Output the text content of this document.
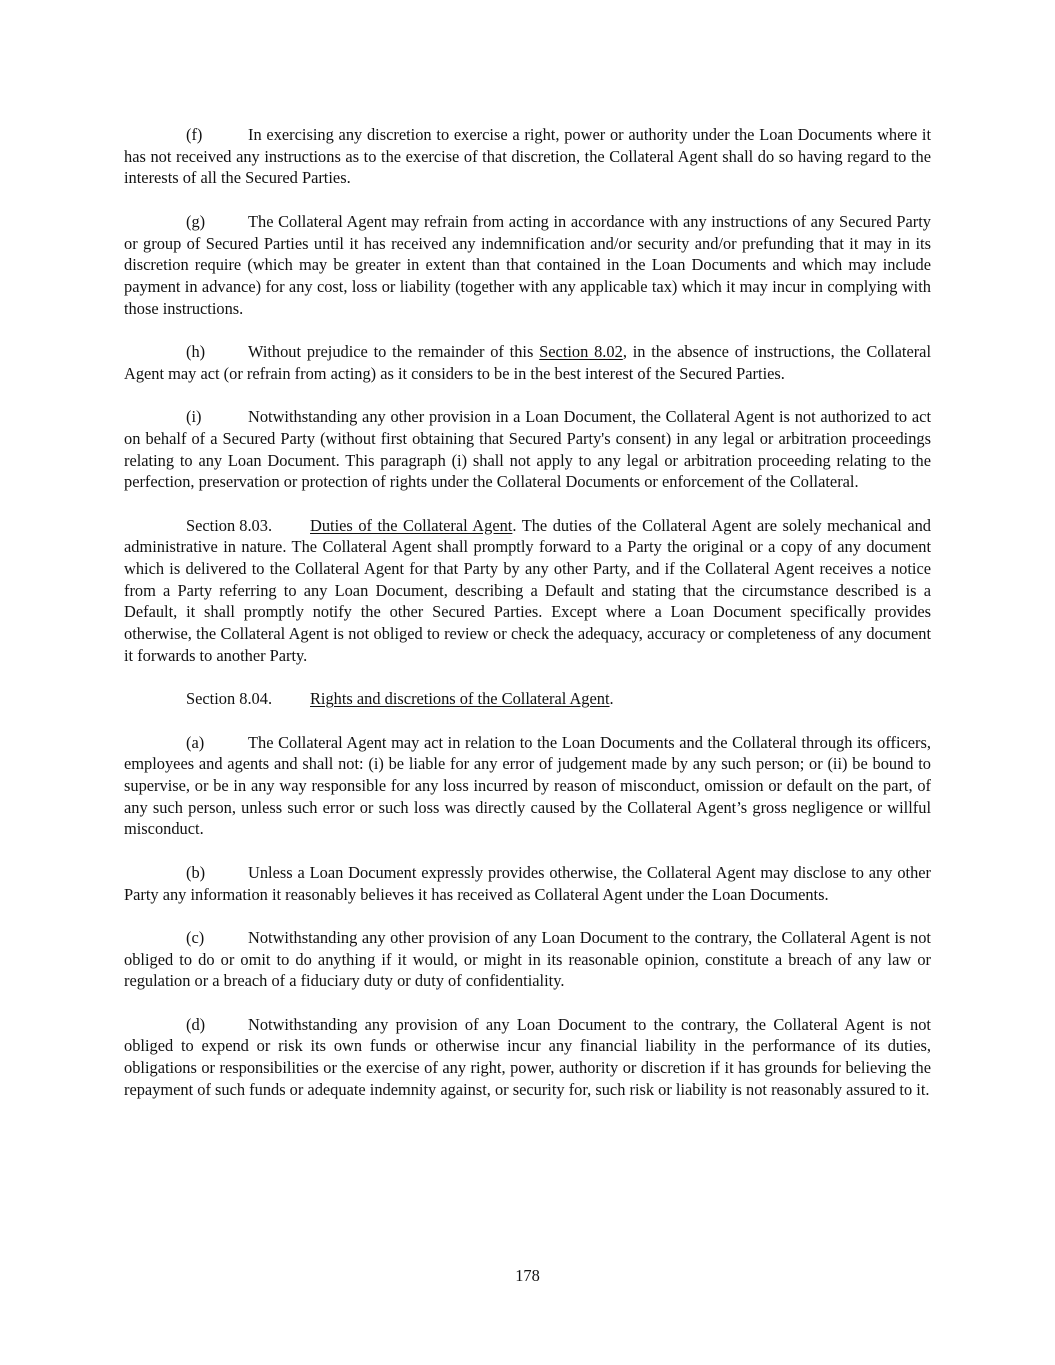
(f)	In exercising any discretion to exercise a right, power or authority under the Loan Documents where it has not received any instructions as to the exercise of that discretion, the Collateral Agent shall do so having regard to the interests of all the Secured Parties.

(g)	The Collateral Agent may refrain from acting in accordance with any instructions of any Secured Party or group of Secured Parties until it has received any indemnification and/or security and/or prefunding that it may in its discretion require (which may be greater in extent than that contained in the Loan Documents and which may include payment in advance) for any cost, loss or liability (together with any applicable tax) which it may incur in complying with those instructions.

(h)	Without prejudice to the remainder of this Section 8.02, in the absence of instructions, the Collateral Agent may act (or refrain from acting) as it considers to be in the best interest of the Secured Parties.

(i)	Notwithstanding any other provision in a Loan Document, the Collateral Agent is not authorized to act on behalf of a Secured Party (without first obtaining that Secured Party's consent) in any legal or arbitration proceedings relating to any Loan Document. This paragraph (i) shall not apply to any legal or arbitration proceeding relating to the perfection, preservation or protection of rights under the Collateral Documents or enforcement of the Collateral.

Section 8.03. Duties of the Collateral Agent. The duties of the Collateral Agent are solely mechanical and administrative in nature. The Collateral Agent shall promptly forward to a Party the original or a copy of any document which is delivered to the Collateral Agent for that Party by any other Party, and if the Collateral Agent receives a notice from a Party referring to any Loan Document, describing a Default and stating that the circumstance described is a Default, it shall promptly notify the other Secured Parties. Except where a Loan Document specifically provides otherwise, the Collateral Agent is not obliged to review or check the adequacy, accuracy or completeness of any document it forwards to another Party.

Section 8.04. Rights and discretions of the Collateral Agent.

(a)	The Collateral Agent may act in relation to the Loan Documents and the Collateral through its officers, employees and agents and shall not: (i) be liable for any error of judgement made by any such person; or (ii) be bound to supervise, or be in any way responsible for any loss incurred by reason of misconduct, omission or default on the part, of any such person, unless such error or such loss was directly caused by the Collateral Agent’s gross negligence or willful misconduct.

(b)	Unless a Loan Document expressly provides otherwise, the Collateral Agent may disclose to any other Party any information it reasonably believes it has received as Collateral Agent under the Loan Documents.

(c)	Notwithstanding any other provision of any Loan Document to the contrary, the Collateral Agent is not obliged to do or omit to do anything if it would, or might in its reasonable opinion, constitute a breach of any law or regulation or a breach of a fiduciary duty or duty of confidentiality.

(d)	Notwithstanding any provision of any Loan Document to the contrary, the Collateral Agent is not obliged to expend or risk its own funds or otherwise incur any financial liability in the performance of its duties, obligations or responsibilities or the exercise of any right, power, authority or discretion if it has grounds for believing the repayment of such funds or adequate indemnity against, or security for, such risk or liability is not reasonably assured to it.

178
